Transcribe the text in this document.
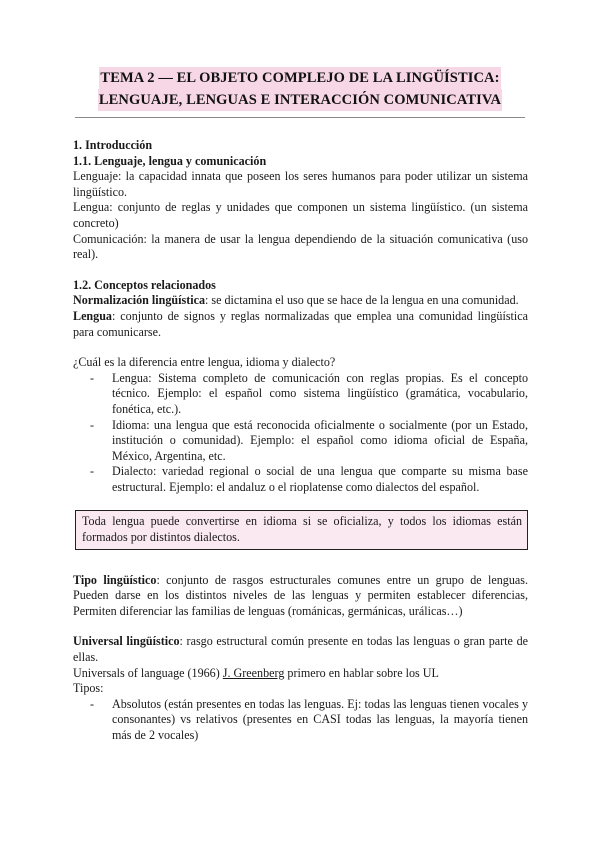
TEMA 2 — EL OBJETO COMPLEJO DE LA LINGÜÍSTICA:
LENGUAJE, LENGUAS E INTERACCIÓN COMUNICATIVA

1. Introducción

1.1. Lenguaje, lengua y comunicación

Lenguaje: la capacidad innata que poseen los seres humanos para poder utilizar un sistema lingüístico.

Lengua: conjunto de reglas y unidades que componen un sistema lingüístico. (un sistema concreto)

Comunicación: la manera de usar la lengua dependiendo de la situación comunicativa (uso real).

1.2. Conceptos relacionados

Normalización lingüística: se dictamina el uso que se hace de la lengua en una comunidad.

Lengua: conjunto de signos y reglas normalizadas que emplea una comunidad lingüística para comunicarse.

¿Cuál es la diferencia entre lengua, idioma y dialecto?

- Lengua: Sistema completo de comunicación con reglas propias. Es el concepto técnico. Ejemplo: el español como sistema lingüístico (gramática, vocabulario, fonética, etc.).
- Idioma: una lengua que está reconocida oficialmente o socialmente (por un Estado, institución o comunidad). Ejemplo: el español como idioma oficial de España, México, Argentina, etc.
- Dialecto: variedad regional o social de una lengua que comparte su misma base estructural. Ejemplo: el andaluz o el rioplatense como dialectos del español.
Toda lengua puede convertirse en idioma si se oficializa, y todos los idiomas están formados por distintos dialectos.

Tipo lingüístico: conjunto de rasgos estructurales comunes entre un grupo de lenguas. Pueden darse en los distintos niveles de las lenguas y permiten establecer diferencias, Permiten diferenciar las familias de lenguas (románicas, germánicas, urálicas…)

Universal lingüístico: rasgo estructural común presente en todas las lenguas o gran parte de ellas.

Universals of language (1966) J. Greenberg primero en hablar sobre los UL

Tipos:

- Absolutos (están presentes en todas las lenguas. Ej: todas las lenguas tienen vocales y consonantes) vs relativos (presentes en CASI todas las lenguas, la mayoría tienen más de 2 vocales)
